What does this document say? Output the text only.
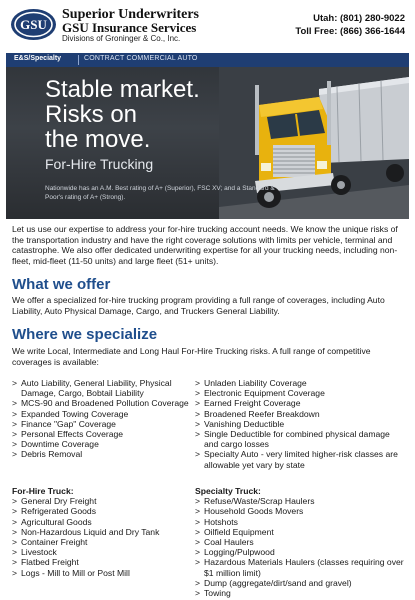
GSU
Superior Underwriters
GSU Insurance Services
Divisions of Groninger & Co., Inc.
Utah: (801) 280-9022
Toll Free: (866) 366-1644
E&S/Specialty	CONTRACT COMMERCIAL AUTO
Stable market.
Risks on
the move.
For-Hire Trucking
Nationwide has an A.M. Best rating of A+ (Superior), FSC XV; and a Standard & Poor's rating of A+ (Strong).
Let us use our expertise to address your for-hire trucking account needs. We know the unique risks of the transportation industry and have the right coverage solutions with limits per vehicle, terminal and catastrophe. We also offer dedicated underwriting expertise for all your trucking needs, including non-fleet, mid-fleet (11-50 units) and large fleet (51+ units).
What we offer
We offer a specialized for-hire trucking program providing a full range of coverages, including Auto Liability, Auto Physical Damage, Cargo, and Truckers General Liability.
Where we specialize
We write Local, Intermediate and Long Haul For-Hire Trucking risks. A full range of competitive coverages is available:
> Auto Liability, General Liability, Physical Damage, Cargo, Bobtail Liability
> MCS-90 and Broadened Pollution Coverage
> Expanded Towing Coverage
> Finance "Gap" Coverage
> Personal Effects Coverage
> Downtime Coverage
> Debris Removal
> Unladen Liability Coverage
> Electronic Equipment Coverage
> Earned Freight Coverage
> Broadened Reefer Breakdown
> Vanishing Deductible
> Single Deductible for combined physical damage and cargo losses
> Specialty Auto - very limited higher-risk classes are allowable yet vary by state
For-Hire Truck:
> General Dry Freight
> Refrigerated Goods
> Agricultural Goods
> Non-Hazardous Liquid and Dry Tank
> Container Freight
> Livestock
> Flatbed Freight
> Logs - Mill to Mill or Post Mill
Specialty Truck:
> Refuse/Waste/Scrap Haulers
> Household Goods Movers
> Hotshots
> Oilfield Equipment
> Coal Haulers
> Logging/Pulpwood
> Hazardous Materials Haulers (classes requiring over $1 million limit)
> Dump (aggregate/dirt/sand and gravel)
> Towing
